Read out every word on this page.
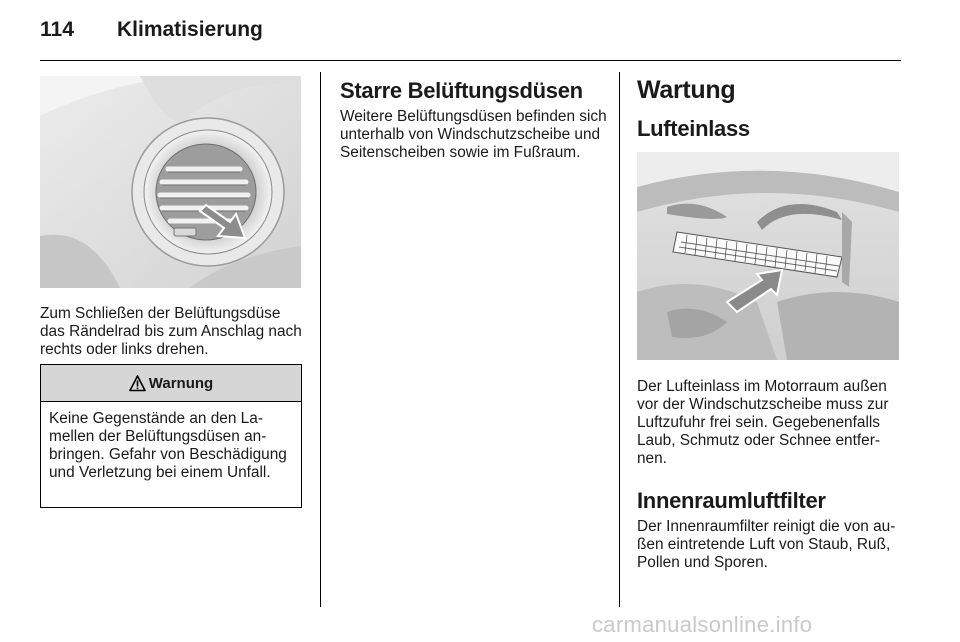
114 Klimatisierung

Zum Schließen der Belüftungsdüse das Rändelrad bis zum Anschlag nach rechts oder links drehen.

Warnung

Keine Gegenstände an den Lamellen der Belüftungsdüsen anbringen. Gefahr von Beschädigung und Verletzung bei einem Unfall.

Starre Belüftungsdüsen

Weitere Belüftungsdüsen befinden sich unterhalb von Windschutzscheibe und Seitenscheiben sowie im Fußraum.

Wartung
Lufteinlass

Der Lufteinlass im Motorraum außen vor der Windschutzscheibe muss zur Luftzufuhr frei sein. Gegebenenfalls Laub, Schmutz oder Schnee entfernen.

Innenraumluftfilter

Der Innenraumfilter reinigt die von außen eintretende Luft von Staub, Ruß, Pollen und Sporen.

carmanualsonline.info
